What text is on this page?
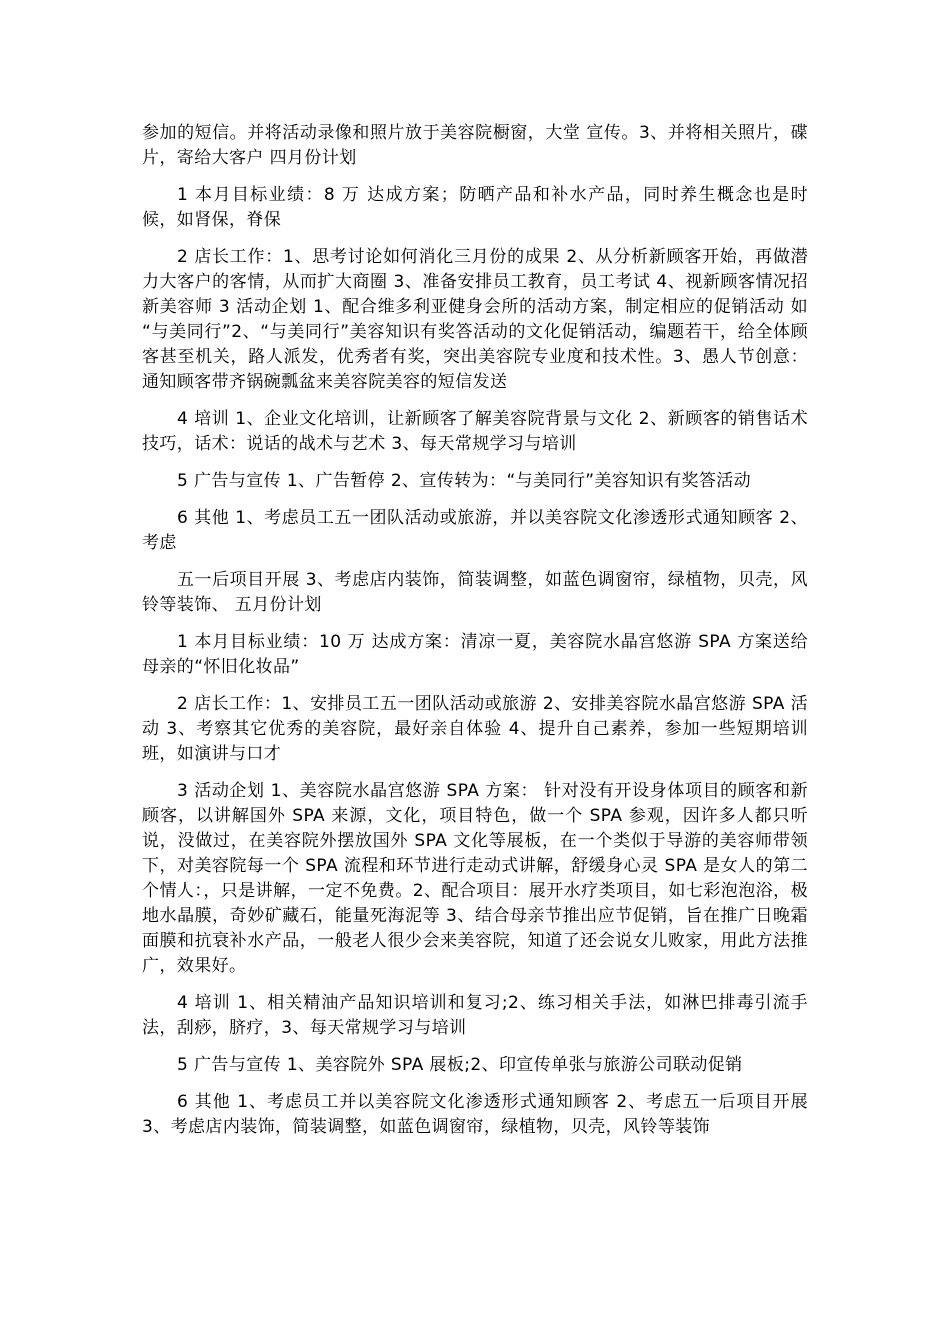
参加的短信。并将活动录像和照片放于美容院橱窗，大堂 宣传。3、并将相关照片，碟片，寄给大客户 四月份计划

1 本月目标业绩：8 万 达成方案；防晒产品和补水产品，同时养生概念也是时候，如肾保，脊保

2 店长工作：1、思考讨论如何消化三月份的成果 2、从分析新顾客开始，再做潜力大客户的客情，从而扩大商圈 3、准备安排员工教育，员工考试 4、视新顾客情况招新美容师 3 活动企划 1、配合维多利亚健身会所的活动方案，制定相应的促销活动 如 “与美同行”2、“与美同行”美容知识有奖答活动的文化促销活动，编题若干，给全体顾客甚至机关，路人派发，优秀者有奖，突出美容院专业度和技术性。3、愚人节创意：通知顾客带齐锅碗瓢盆来美容院美容的短信发送

4 培训 1、企业文化培训，让新顾客了解美容院背景与文化 2、新顾客的销售话术技巧，话术：说话的战术与艺术 3、每天常规学习与培训

5 广告与宣传 1、广告暂停 2、宣传转为：“与美同行”美容知识有奖答活动

6 其他 1、考虑员工五一团队活动或旅游，并以美容院文化渗透形式通知顾客 2、考虑

五一后项目开展 3、考虑店内装饰，简装调整，如蓝色调窗帘，绿植物，贝壳，风铃等装饰、 五月份计划

1 本月目标业绩：10 万 达成方案：清凉一夏，美容院水晶宫悠游 SPA 方案送给母亲的“怀旧化妆品”

2 店长工作：1、安排员工五一团队活动或旅游 2、安排美容院水晶宫悠游 SPA 活动 3、考察其它优秀的美容院，最好亲自体验 4、提升自己素养，参加一些短期培训班，如演讲与口才

3 活动企划 1、美容院水晶宫悠游 SPA 方案： 针对没有开设身体项目的顾客和新顾客，以讲解国外 SPA 来源，文化，项目特色，做一个 SPA 参观，因许多人都只听说，没做过，在美容院外摆放国外 SPA 文化等展板，在一个类似于导游的美容师带领下，对美容院每一个 SPA 流程和环节进行走动式讲解，舒缓身心灵 SPA 是女人的第二个情人：，只是讲解，一定不免费。2、配合项目：展开水疗类项目，如七彩泡泡浴，极地水晶膜，奇妙矿藏石，能量死海泥等 3、结合母亲节推出应节促销，旨在推广日晚霜面膜和抗衰补水产品，一般老人很少会来美容院，知道了还会说女儿败家，用此方法推广，效果好。

4 培训 1、相关精油产品知识培训和复习;2、练习相关手法，如淋巴排毒引流手法，刮痧，脐疗，3、每天常规学习与培训

5 广告与宣传 1、美容院外 SPA 展板;2、印宣传单张与旅游公司联动促销

6 其他 1、考虑员工并以美容院文化渗透形式通知顾客 2、考虑五一后项目开展 3、考虑店内装饰，简装调整，如蓝色调窗帘，绿植物，贝壳，风铃等装饰
